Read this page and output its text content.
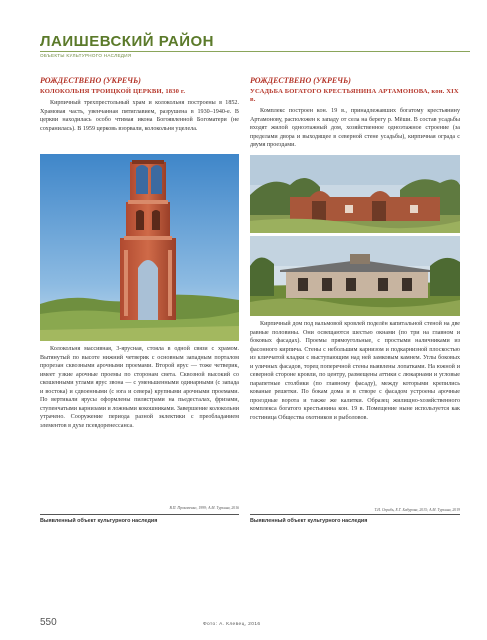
ЛАИШЕВСКИЙ РАЙОН
ОБЪЕКТЫ КУЛЬТУРНОГО НАСЛЕДИЯ
РОЖДЕСТВЕНО (УКРЕЧЬ)
КОЛОКОЛЬНЯ ТРОИЦКОЙ ЦЕРКВИ, 1830 г.

Кирпичный трехпрестольный храм и колокольня построены в 1852. Храмовая часть, увенчанная пятиглавием, разрушена в 1930–1940-е. В церкви находилась особо чтимая икона Богоявленной Богоматери (не сохранилась). В 1959 церковь взорвали, колокольня уцелела.

Колокольня массивная, 3-ярусная, стояла в одной связи с храмом. Вытянутый по высоте нижний четверик с основным западным порталом прорезан сквозными арочными проемами. Второй ярус — тоже четверик, имеет узкие арочные проемы по сторонам света. Сквозной высокий со скошенными углами ярус звона — с уменьшенными одинарными (с запада и востока) и сдвоенными (с юга и севера) крупными арочными проемами. По вертикали ярусы оформлены пилястрами на пьедесталах, фризами, ступенчатыми карнизами и ложными кокошниками. Завершение колокольни утрачено. Сооружение периода разной эклектики с преобладанием элементов в духе псевдоренессанса.

В.П. Прокопенко, 1999; А.М. Туркина, 2016
Выявленный объект культурного наследия
РОЖДЕСТВЕНО (УКРЕЧЬ)
УСАДЬБА БОГАТОГО КРЕСТЬЯНИНА АРТАМОНОВА, кон. XIX в.

Комплекс построен кон. 19 в., принадлежавших богатому крестьянину Артамонову, расположен к западу от села на берегу р. Мёши. В состав усадьбы входят жилой одноэтажный дом, хозяйственное одноэтажное строение (за пределами двора и выходящее в северной стене усадьбы), кирпичная ограда с двумя проездами.

Кирпичный дом под вальмовой кровлей поделён капитальной стеной на две равные половины. Они освещаются шестью окнами (по три на главном и боковых фасадах). Проемы прямоугольные, с простыми наличниками из фасонного кирпича. Стены с небольшим карнизом и подкарнизной плоскостью из кличчатой кладки с выступающим над ней замковым камнем. Углы боковых и уличных фасадов, торец поперечной стены выявлены лопатками. На южной и северной стороне кровли, по центру, размещены аттики с люкарнами и угловые парапетные столбики (по главному фасаду), между которыми крепились кованые решетки. По бокам дома и в створе с фасадом устроены арочные проездные ворота и также же калитки. Образец жилищно-хозяйственного комплекса богатого крестьянина кон. 19 в. Помещение ныне используется как гостиница Общества охотников и рыболовов.

Т.И. Огрибь, Е.Г. Бабурова, 2015; А.М. Туркина, 2019
Выявленный объект культурного наследия
550	Фото: А. Клевец, 2016
